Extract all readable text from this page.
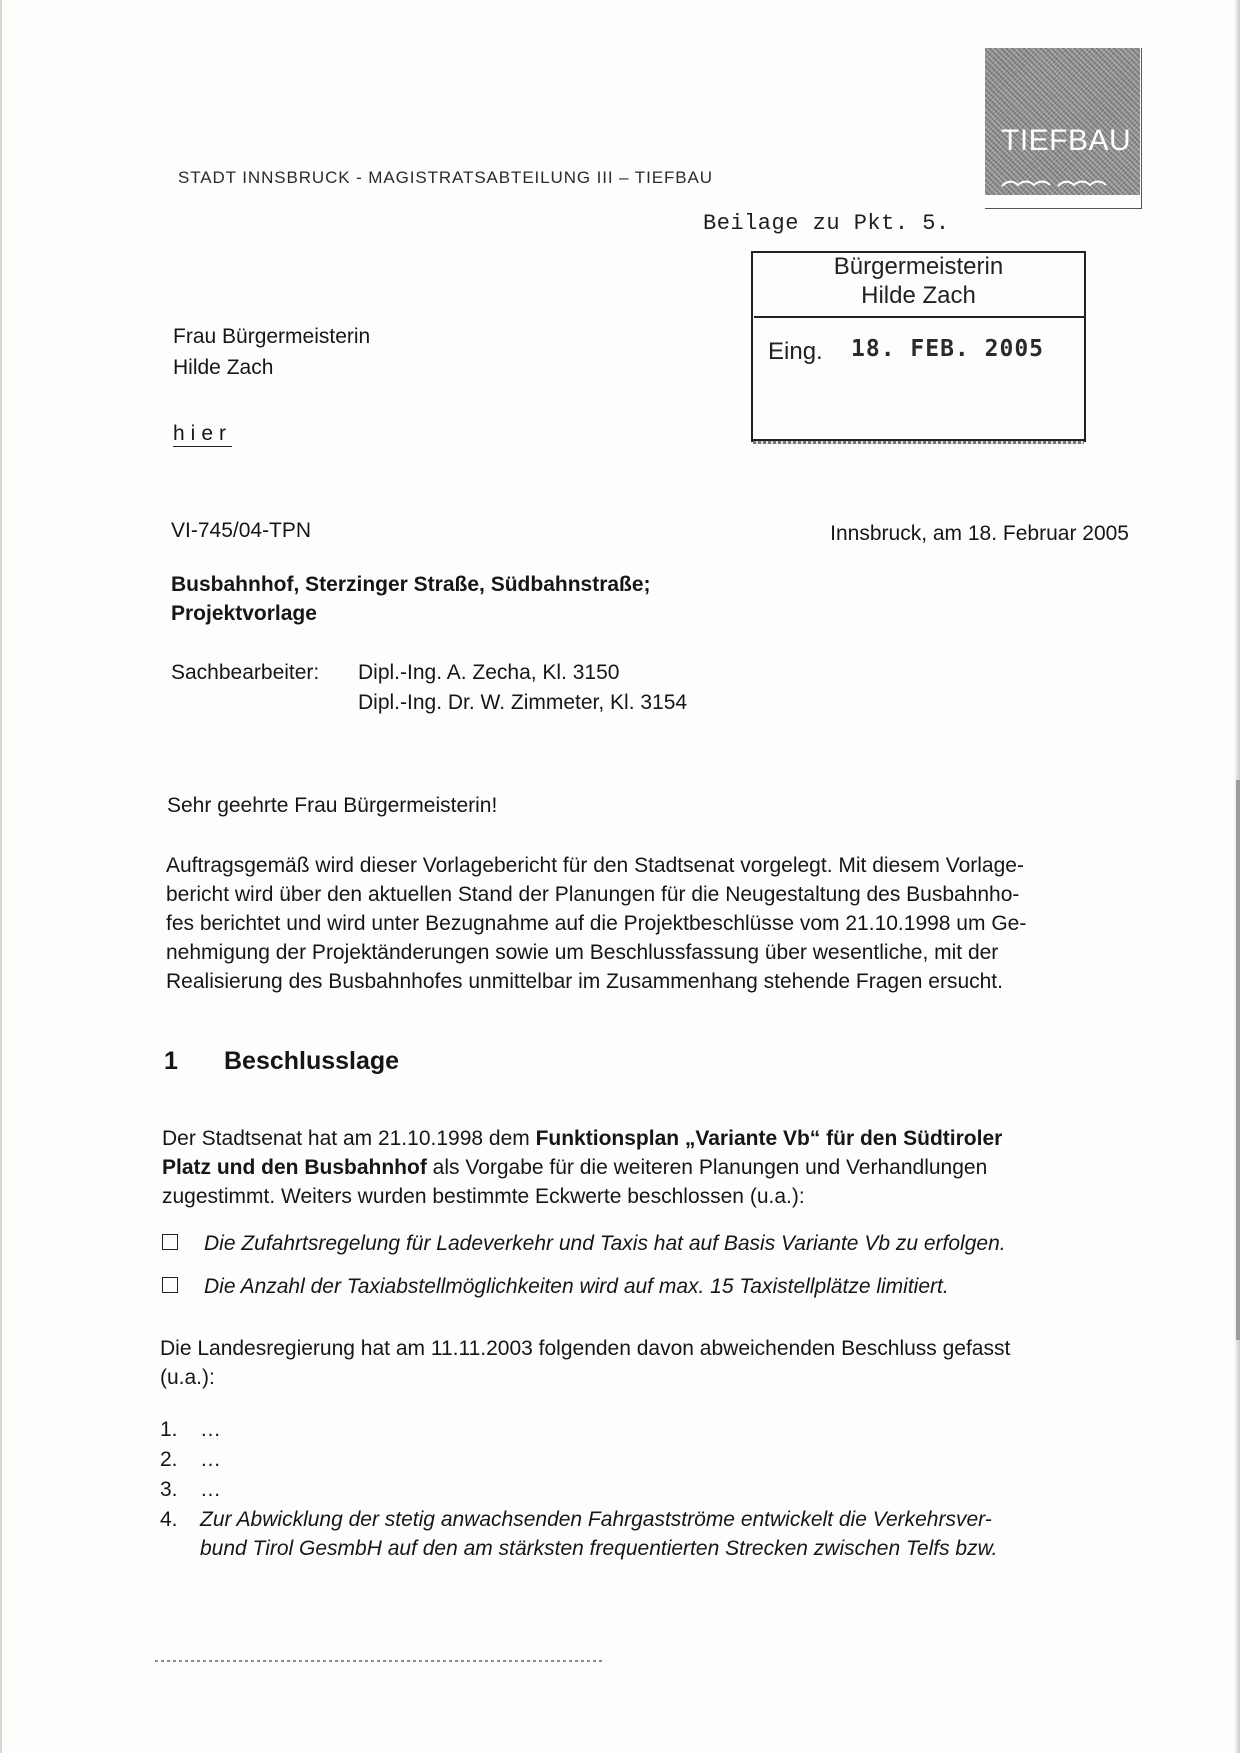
TIEFBAU
STADT INNSBRUCK - MAGISTRATSABTEILUNG III – TIEFBAU
Beilage zu Pkt. 5.
Bürgermeisterin
Hilde Zach
Eing. 18. FEB. 2005
Frau Bürgermeisterin
Hilde Zach
hier
VI-745/04-TPN	Innsbruck, am 18. Februar 2005
Busbahnhof, Sterzinger Straße, Südbahnstraße;
Projektvorlage
Sachbearbeiter: Dipl.-Ing. A. Zecha, Kl. 3150
Dipl.-Ing. Dr. W. Zimmeter, Kl. 3154
Sehr geehrte Frau Bürgermeisterin!
Auftragsgemäß wird dieser Vorlagebericht für den Stadtsenat vorgelegt. Mit diesem Vorlage-
bericht wird über den aktuellen Stand der Planungen für die Neugestaltung des Busbahnho-
fes berichtet und wird unter Bezugnahme auf die Projektbeschlüsse vom 21.10.1998 um Ge-
nehmigung der Projektänderungen sowie um Beschlussfassung über wesentliche, mit der
Realisierung des Busbahnhofes unmittelbar im Zusammenhang stehende Fragen ersucht.
1 Beschlusslage
Der Stadtsenat hat am 21.10.1998 dem Funktionsplan „Variante Vb“ für den Südtiroler
Platz und den Busbahnhof als Vorgabe für die weiteren Planungen und Verhandlungen
zugestimmt. Weiters wurden bestimmte Eckwerte beschlossen (u.a.):
Die Zufahrtsregelung für Ladeverkehr und Taxis hat auf Basis Variante Vb zu erfolgen.
Die Anzahl der Taxiabstellmöglichkeiten wird auf max. 15 Taxistellplätze limitiert.
Die Landesregierung hat am 11.11.2003 folgenden davon abweichenden Beschluss gefasst
(u.a.):
1. …
2. …
3. …
4. Zur Abwicklung der stetig anwachsenden Fahrgastströme entwickelt die Verkehrsver-
bund Tirol GesmbH auf den am stärksten frequentierten Strecken zwischen Telfs bzw.
